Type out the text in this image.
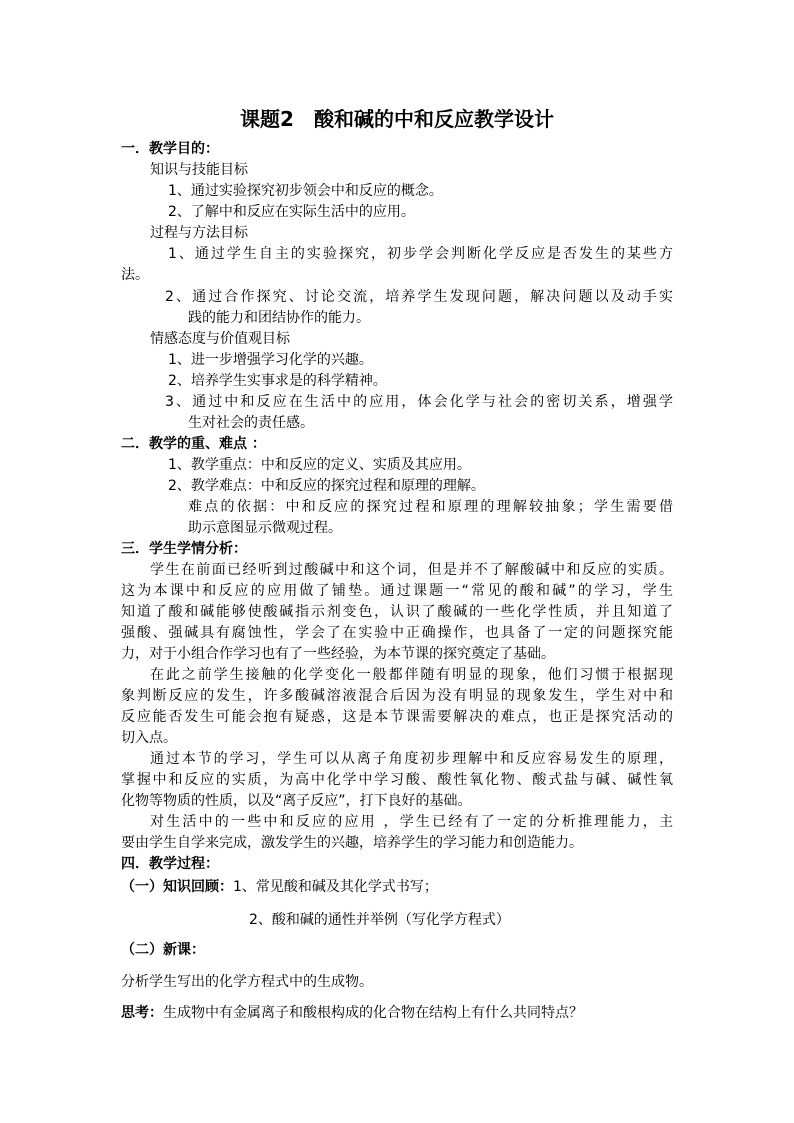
课题2　酸和碱的中和反应教学设计
一．教学目的：
知识与技能目标
1、通过实验探究初步领会中和反应的概念。
2、了解中和反应在实际生活中的应用。
过程与方法目标
1、通过学生自主的实验探究，初步学会判断化学反应是否发生的某些方
法。
2、通过合作探究、讨论交流，培养学生发现问题，解决问题以及动手实
践的能力和团结协作的能力。
情感态度与价值观目标
1、进一步增强学习化学的兴趣。
2、培养学生实事求是的科学精神。
3、通过中和反应在生活中的应用，体会化学与社会的密切关系，增强学
生对社会的责任感。
二．教学的重、难点 ：
1、教学重点：中和反应的定义、实质及其应用。
2、教学难点：中和反应的探究过程和原理的理解。
难点的依据：中和反应的探究过程和原理的理解较抽象；学生需要借
助示意图显示微观过程。
三．学生学情分析：
学生在前面已经听到过酸碱中和这个词，但是并不了解酸碱中和反应的实质。
这为本课中和反应的应用做了铺垫。通过课题一“常见的酸和碱”的学习，学生
知道了酸和碱能够使酸碱指示剂变色，认识了酸碱的一些化学性质，并且知道了
强酸、强碱具有腐蚀性，学会了在实验中正确操作，也具备了一定的问题探究能
力，对于小组合作学习也有了一些经验，为本节课的探究奠定了基础。
在此之前学生接触的化学变化一般都伴随有明显的现象，他们习惯于根据现
象判断反应的发生，许多酸碱溶液混合后因为没有明显的现象发生，学生对中和
反应能否发生可能会抱有疑惑，这是本节课需要解决的难点，也正是探究活动的
切入点。
通过本节的学习，学生可以从离子角度初步理解中和反应容易发生的原理，
掌握中和反应的实质，为高中化学中学习酸、酸性氧化物、酸式盐与碱、碱性氧
化物等物质的性质，以及“离子反应”，打下良好的基础。
对生活中的一些中和反应的应用 ，学生已经有了一定的分析推理能力，主
要由学生自学来完成，激发学生的兴趣，培养学生的学习能力和创造能力。
四．教学过程：
（一）知识回顾：1、常见酸和碱及其化学式书写；
2、酸和碱的通性并举例（写化学方程式）
（二）新课：
分析学生写出的化学方程式中的生成物。
思考：生成物中有金属离子和酸根构成的化合物在结构上有什么共同特点？
